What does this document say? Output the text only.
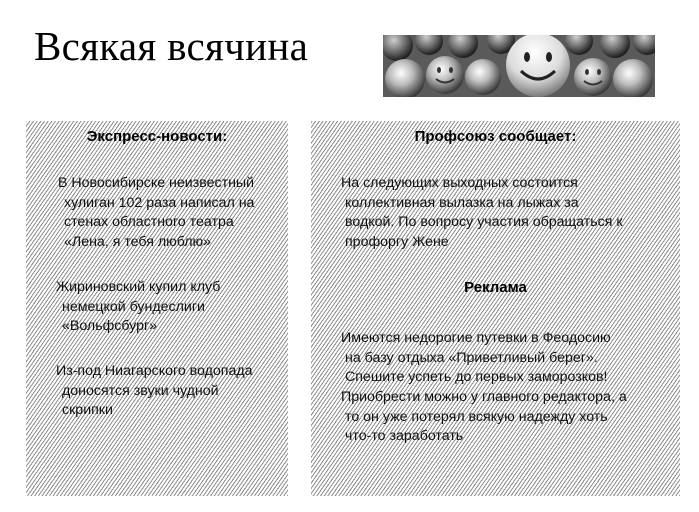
Всякая всячина
Экспресс-новости:
В Новосибирске неизвестный
хулиган 102 раза написал на
стенах областного театра
«Лена, я тебя люблю»
Жириновский купил клуб
немецкой бундеслиги
«Вольфсбург»
Из-под Ниагарского водопада
доносятся звуки чудной
скрипки
Профсоюз сообщает:
На следующих выходных состоится
коллективная вылазка на лыжах за
водкой. По вопросу участия обращаться к
профоргу Жене
Реклама
Имеются недорогие путевки в Феодосию
на базу отдыха «Приветливый берег».
Спешите успеть до первых заморозков!
Приобрести можно у главного редактора, а
то он уже потерял всякую надежду хоть
что-то заработать
